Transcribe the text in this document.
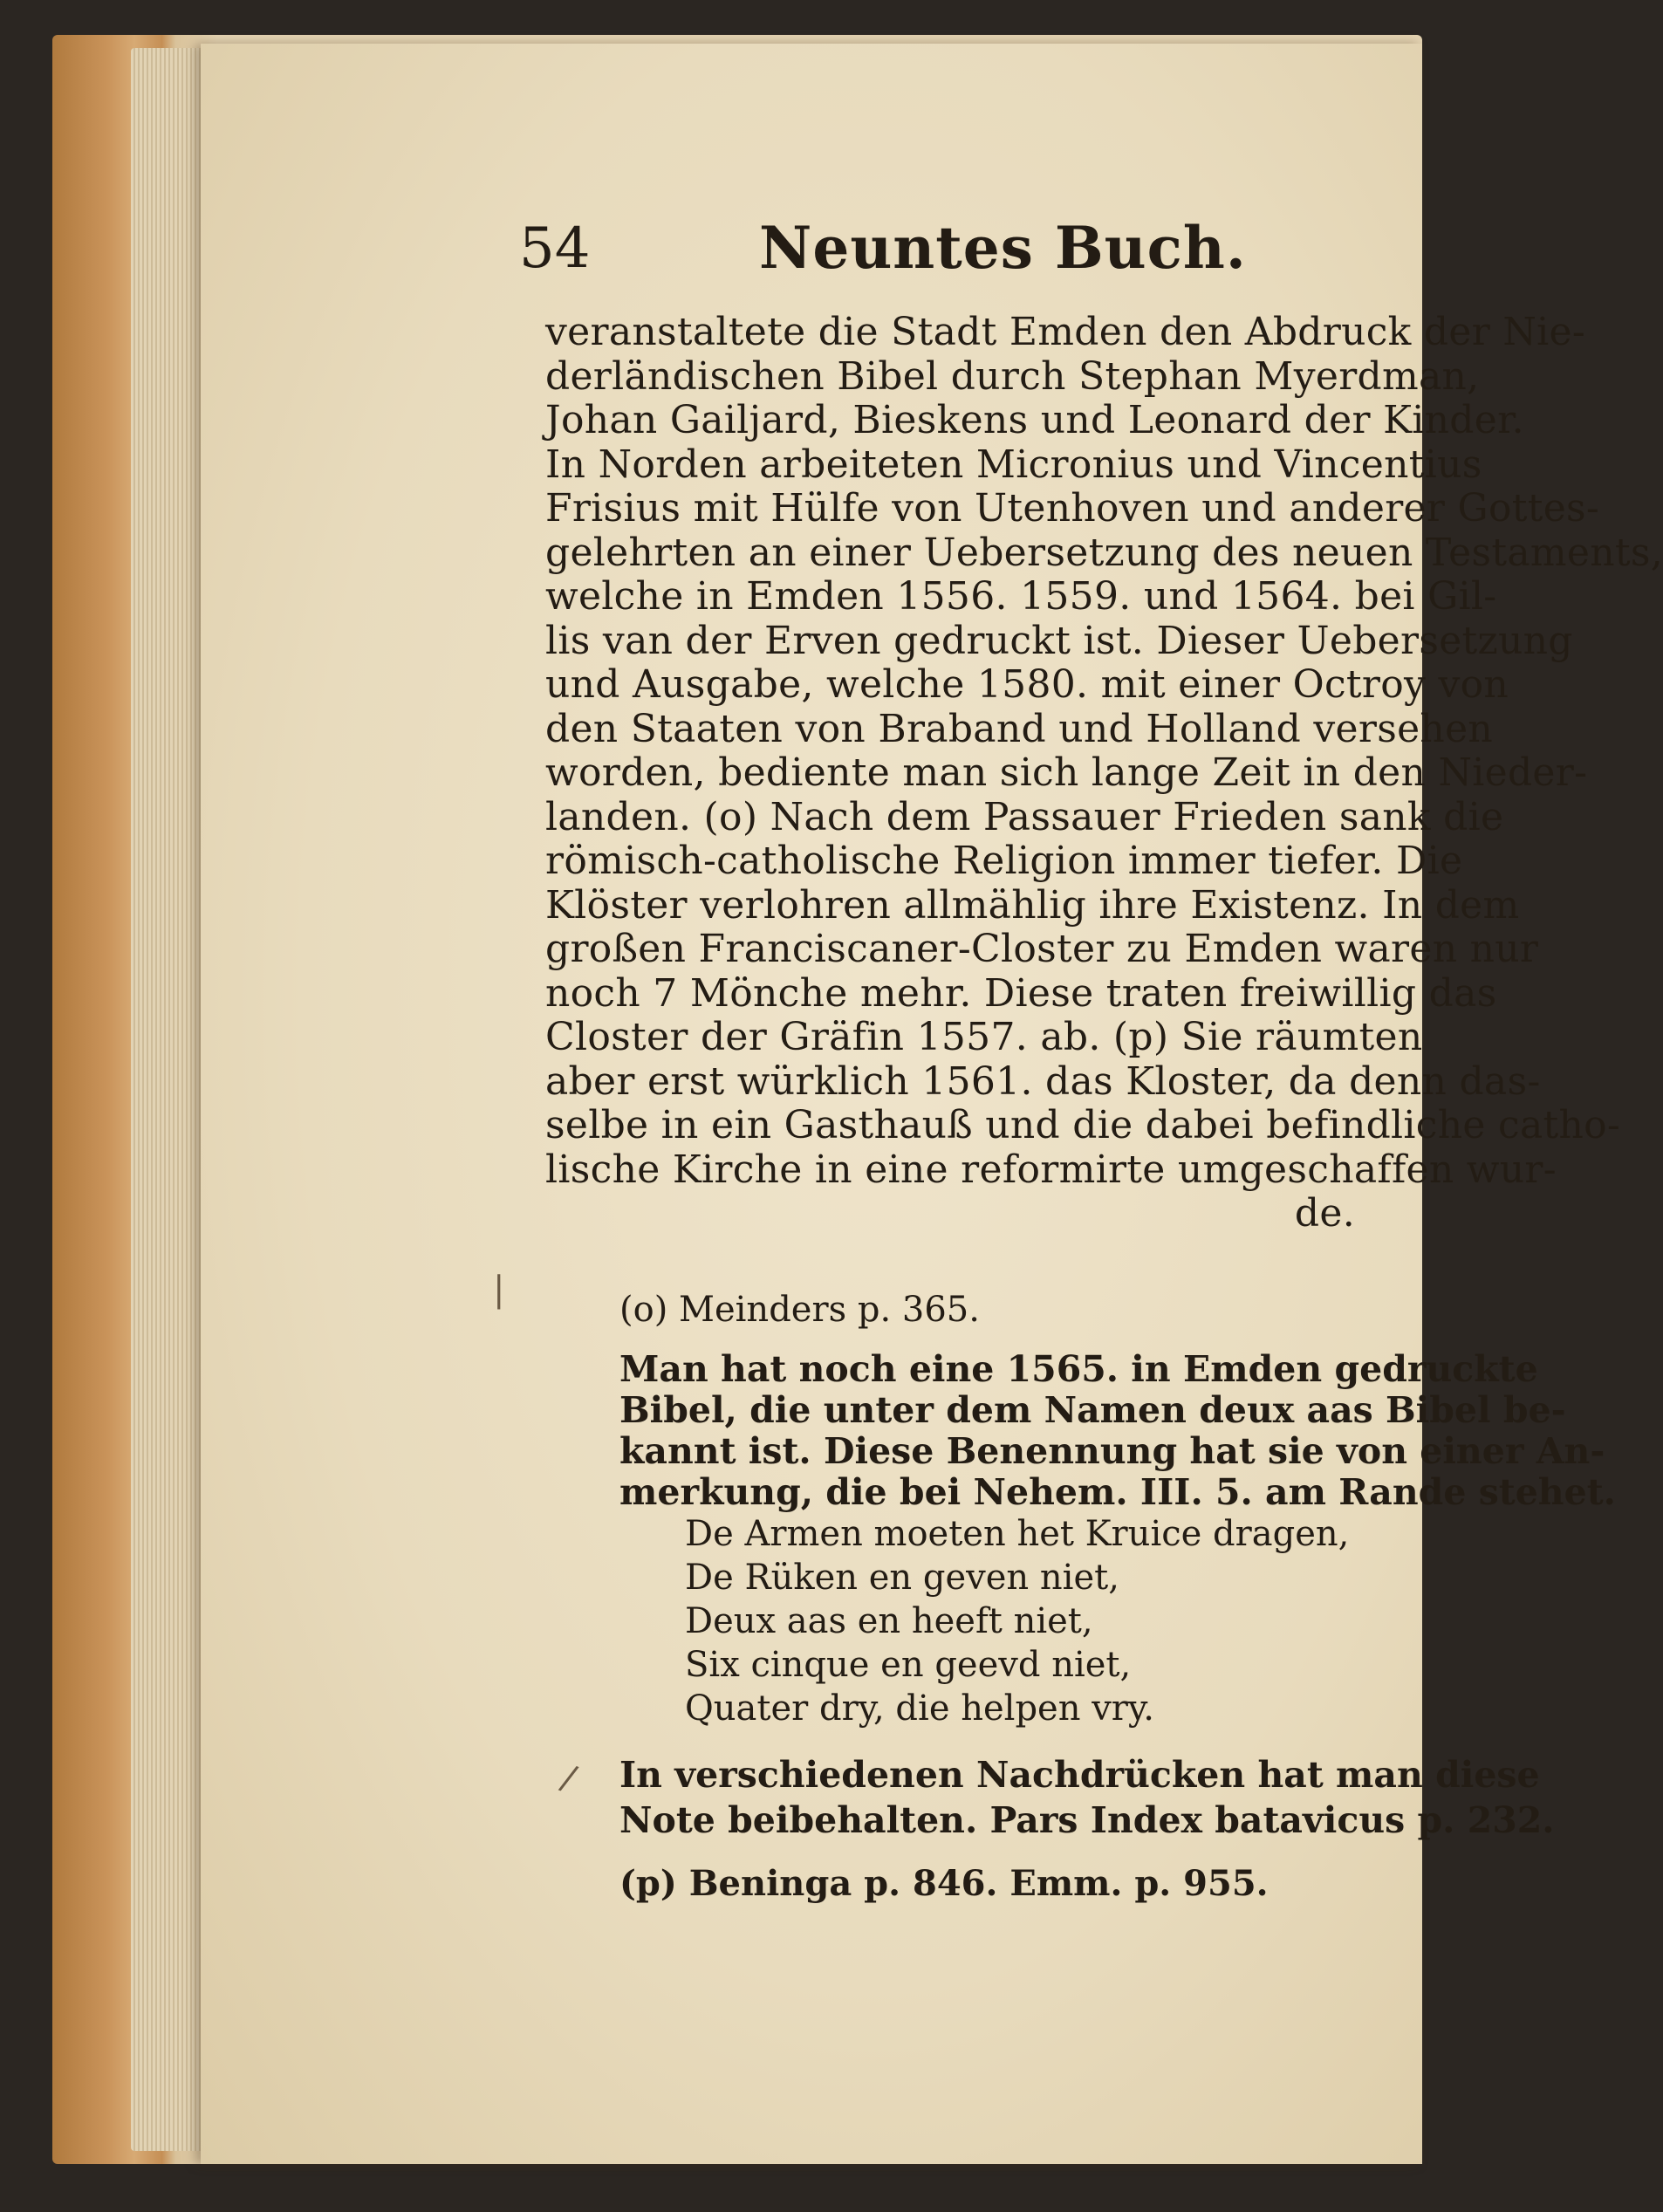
54	Neuntes Buch.
veranstaltete die Stadt Emden den Abdruck der Nie-
derländischen Bibel durch Stephan Myerdman,
Johan Gailjard, Bieskens und Leonard der Kinder.
In Norden arbeiteten Micronius und Vincentius
Frisius mit Hülfe von Utenhoven und anderer Gottes-
gelehrten an einer Uebersetzung des neuen Testaments,
welche in Emden 1556. 1559. und 1564. bei Gil-
lis van der Erven gedruckt ist. Dieser Uebersetzung
und Ausgabe, welche 1580. mit einer Octroy von
den Staaten von Braband und Holland versehen
worden, bediente man sich lange Zeit in den Nieder-
landen. (o) Nach dem Passauer Frieden sank die
römisch-catholische Religion immer tiefer. Die
Klöster verlohren allmählig ihre Existenz. In dem
großen Franciscaner-Closter zu Emden waren nur
noch 7 Mönche mehr. Diese traten freiwillig das
Closter der Gräfin 1557. ab. (p) Sie räumten
aber erst würklich 1561. das Kloster, da denn das-
selbe in ein Gasthauß und die dabei befindliche catho-
lische Kirche in eine reformirte umgeschaffen wur-
de.
(o) Meinders p. 365.
Man hat noch eine 1565. in Emden gedruckte
Bibel, die unter dem Namen deux aas Bibel be-
kannt ist. Diese Benennung hat sie von einer An-
merkung, die bei Nehem. III. 5. am Rande stehet.
De Armen moeten het Kruice dragen,
De Rüken en geven niet,
Deux aas en heeft niet,
Six cinque en geevd niet,
Quater dry, die helpen vry.
In verschiedenen Nachdrücken hat man diese
Note beibehalten. Pars Index batavicus p. 232.
(p) Beninga p. 846. Emm. p. 955.
|
/
